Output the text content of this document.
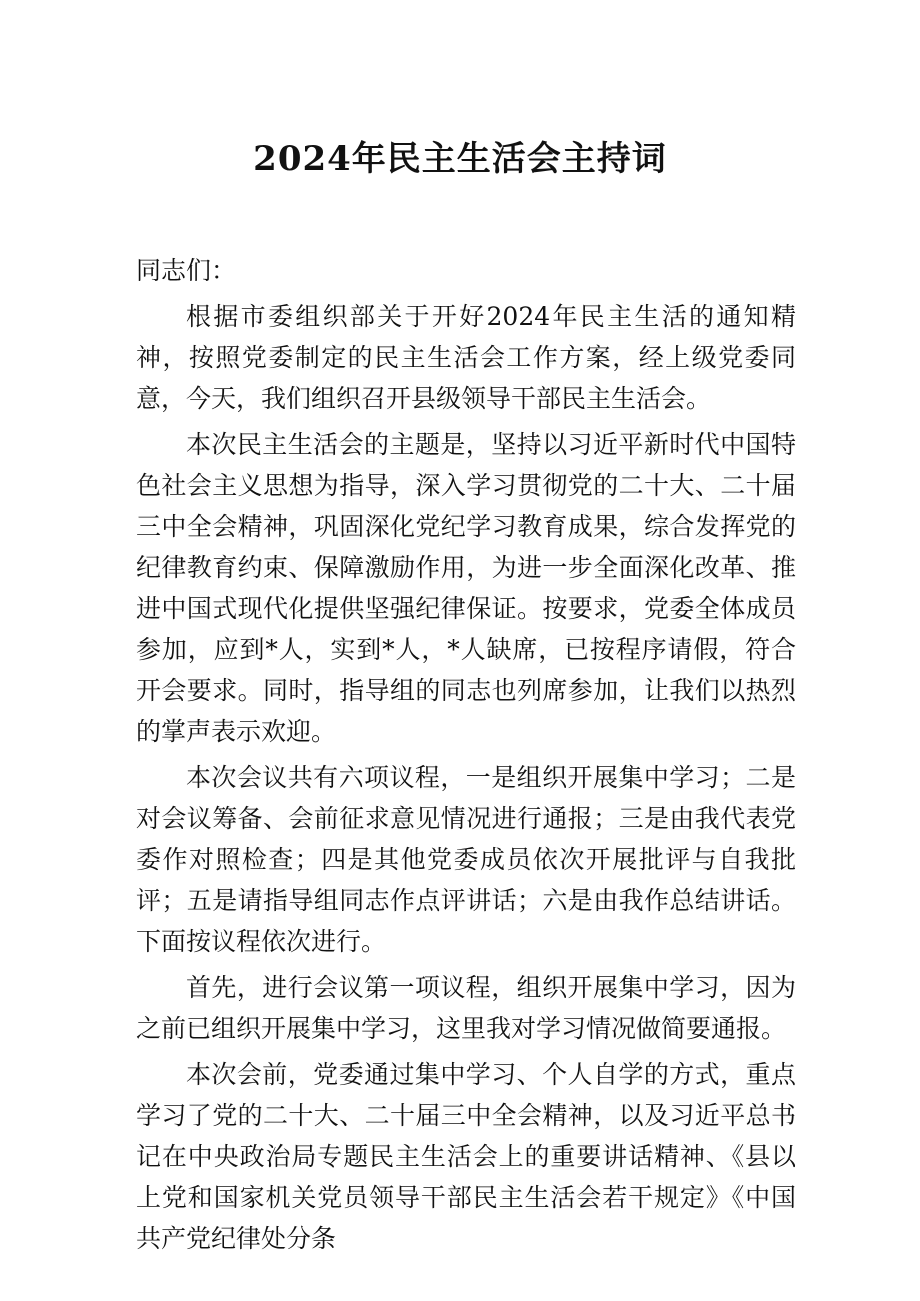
2024年民主生活会主持词

同志们：

根据市委组织部关于开好2024年民主生活的通知精神，按照党委制定的民主生活会工作方案，经上级党委同意，今天，我们组织召开县级领导干部民主生活会。

本次民主生活会的主题是，坚持以习近平新时代中国特色社会主义思想为指导，深入学习贯彻党的二十大、二十届三中全会精神，巩固深化党纪学习教育成果，综合发挥党的纪律教育约束、保障激励作用，为进一步全面深化改革、推进中国式现代化提供坚强纪律保证。按要求，党委全体成员参加，应到*人，实到*人，*人缺席，已按程序请假，符合开会要求。同时，指导组的同志也列席参加，让我们以热烈的掌声表示欢迎。

本次会议共有六项议程，一是组织开展集中学习；二是对会议筹备、会前征求意见情况进行通报；三是由我代表党委作对照检查；四是其他党委成员依次开展批评与自我批评；五是请指导组同志作点评讲话；六是由我作总结讲话。下面按议程依次进行。

首先，进行会议第一项议程，组织开展集中学习，因为之前已组织开展集中学习，这里我对学习情况做简要通报。

本次会前，党委通过集中学习、个人自学的方式，重点学习了党的二十大、二十届三中全会精神，以及习近平总书记在中央政治局专题民主生活会上的重要讲话精神、《县以上党和国家机关党员领导干部民主生活会若干规定》《中国共产党纪律处分条
